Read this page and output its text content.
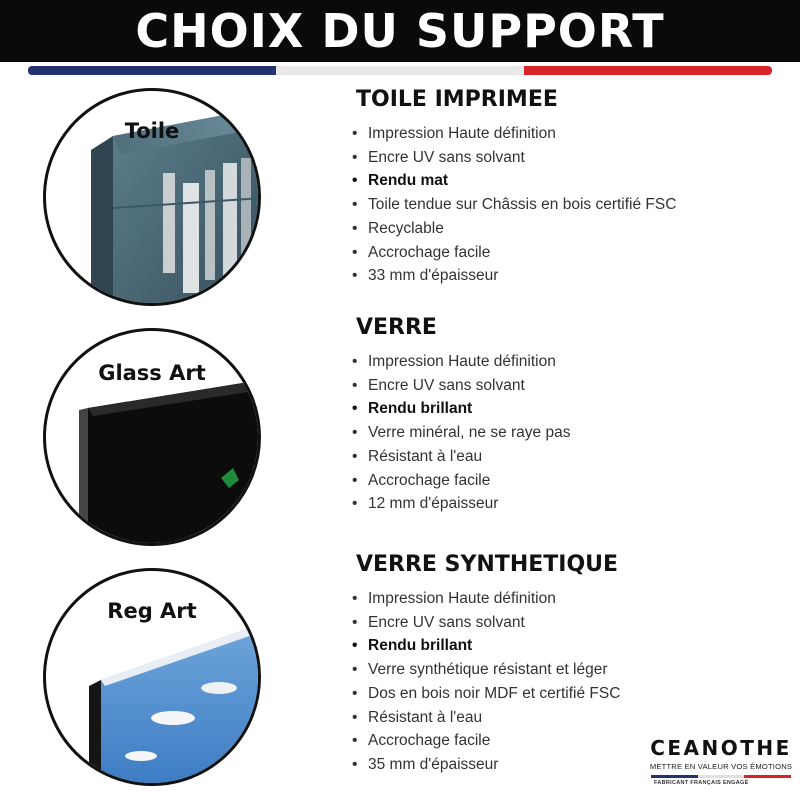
CHOIX DU SUPPORT
Toile
Glass Art
Reg Art
TOILE IMPRIMEE
• Impression Haute définition
• Encre UV sans solvant
• Rendu mat
• Toile tendue sur Châssis en bois certifié FSC
• Recyclable
• Accrochage facile
• 33 mm d'épaisseur
VERRE
• Impression Haute définition
• Encre UV sans solvant
• Rendu brillant
• Verre minéral, ne se raye pas
• Résistant à l'eau
• Accrochage facile
• 12 mm d'épaisseur
VERRE SYNTHETIQUE
• Impression Haute définition
• Encre UV sans solvant
• Rendu brillant
• Verre synthétique résistant et léger
• Dos en bois noir MDF et certifié FSC
• Résistant à l'eau
• Accrochage facile
• 35 mm d'épaisseur
CEANOTHE
METTRE EN VALEUR VOS ÉMOTIONS
FABRICANT FRANÇAIS ENGAGÉ
